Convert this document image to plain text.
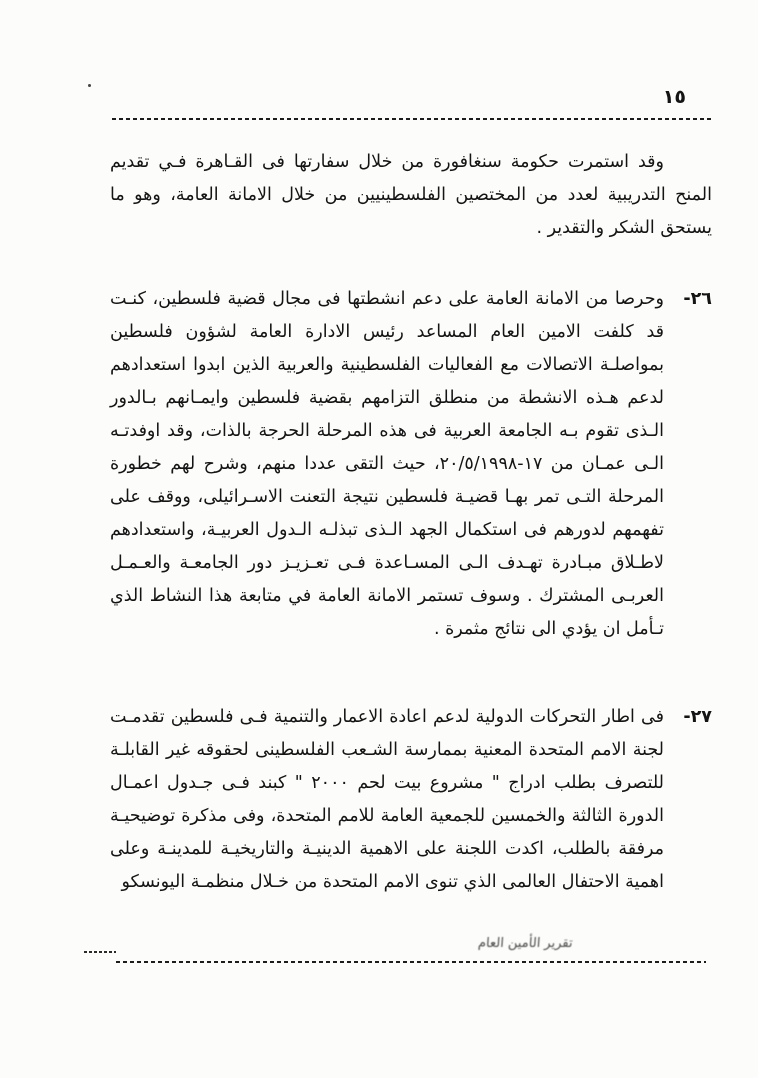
١٥

وقد استمرت حكومة سنغافورة من خلال سفارتها فى القـاهرة فـي تقديم المنح التدريبية لعدد من المختصين الفلسطينيين من خلال الامانة العامة، وهو ما يستحق الشكر والتقدير .

٢٦-

وحرصا من الامانة العامة على دعم انشطتها فى مجال قضية فلسطين، كنـت قد كلفت الامين العام المساعد رئيس الادارة العامة لشؤون فلسطين بمواصلـة الاتصالات مع الفعاليات الفلسطينية والعربية الذين ابدوا استعدادهم لدعم هـذه الانشطة من منطلق التزامهم بقضية فلسطين وايمـانهم بـالدور الـذى تقوم بـه الجامعة العربية فى هذه المرحلة الحرجة بالذات، وقد اوفدتـه الـى عمـان من ١٧-٢٠/٥/١٩٩٨، حيث التقى عددا منهم، وشرح لهم خطورة المرحلة التـى تمر بهـا قضيـة فلسطين نتيجة التعنت الاسـرائيلى، ووقف على تفهمهم لدورهم فى استكمال الجهد الـذى تبذلـه الـدول العربيـة، واستعدادهم لاطـلاق مبـادرة تهـدف الـى المسـاعدة فـى تعـزيـز دور الجامعـة والعـمـل العربـى المشترك . وسوف تستمر الامانة العامة في متابعة هذا النشاط الذي تـأمل ان يؤدي الى نتائج مثمرة .

٢٧-

فى اطار التحركات الدولية لدعم اعادة الاعمار والتنمية فـى فلسطين تقدمـت لجنة الامم المتحدة المعنية بممارسة الشـعب الفلسطينى لحقوقه غير القابلـة للتصرف بطلب ادراج " مشروع بيت لحم ٢٠٠٠ " كبند فـى جـدول اعمـال الدورة الثالثة والخمسين للجمعية العامة للامم المتحدة، وفى مذكرة توضيحيـة مرفقة بالطلب، اكدت اللجنة على الاهمية الدينيـة والتاريخيـة للمدينـة وعلى اهمية الاحتفال العالمى الذي تنوى الامم المتحدة من خـلال منظمـة اليونسكو

تقرير الأمين العام
